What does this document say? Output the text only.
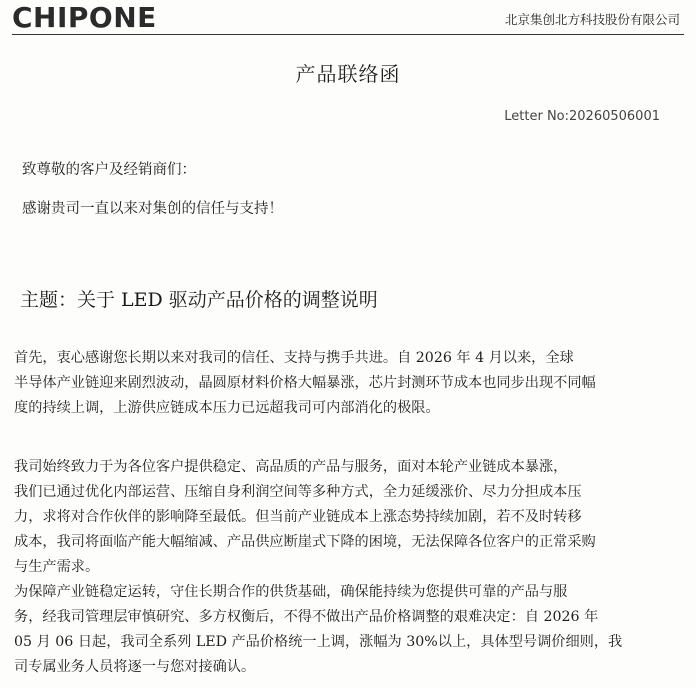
CHIPONE	北京集创北方科技股份有限公司
产品联络函
Letter No:20260506001
致尊敬的客户及经销商们：
感谢贵司一直以来对集创的信任与支持！
主题：关于 LED 驱动产品价格的调整说明

首先，衷心感谢您长期以来对我司的信任、支持与携手共进。自 2026 年 4 月以来，全球
半导体产业链迎来剧烈波动，晶圆原材料价格大幅暴涨，芯片封测环节成本也同步出现不同幅
度的持续上调，上游供应链成本压力已远超我司可内部消化的极限。

我司始终致力于为各位客户提供稳定、高品质的产品与服务，面对本轮产业链成本暴涨，
我们已通过优化内部运营、压缩自身利润空间等多种方式，全力延缓涨价、尽力分担成本压
力，求将对合作伙伴的影响降至最低。但当前产业链成本上涨态势持续加剧，若不及时转移
成本，我司将面临产能大幅缩减、产品供应断崖式下降的困境，无法保障各位客户的正常采购
与生产需求。

为保障产业链稳定运转，守住长期合作的供货基础，确保能持续为您提供可靠的产品与服
务，经我司管理层审慎研究、多方权衡后，不得不做出产品价格调整的艰难决定：自 2026 年
05 月 06 日起，我司全系列 LED 产品价格统一上调，涨幅为 30%以上，具体型号调价细则，我
司专属业务人员将逐一与您对接确认。
